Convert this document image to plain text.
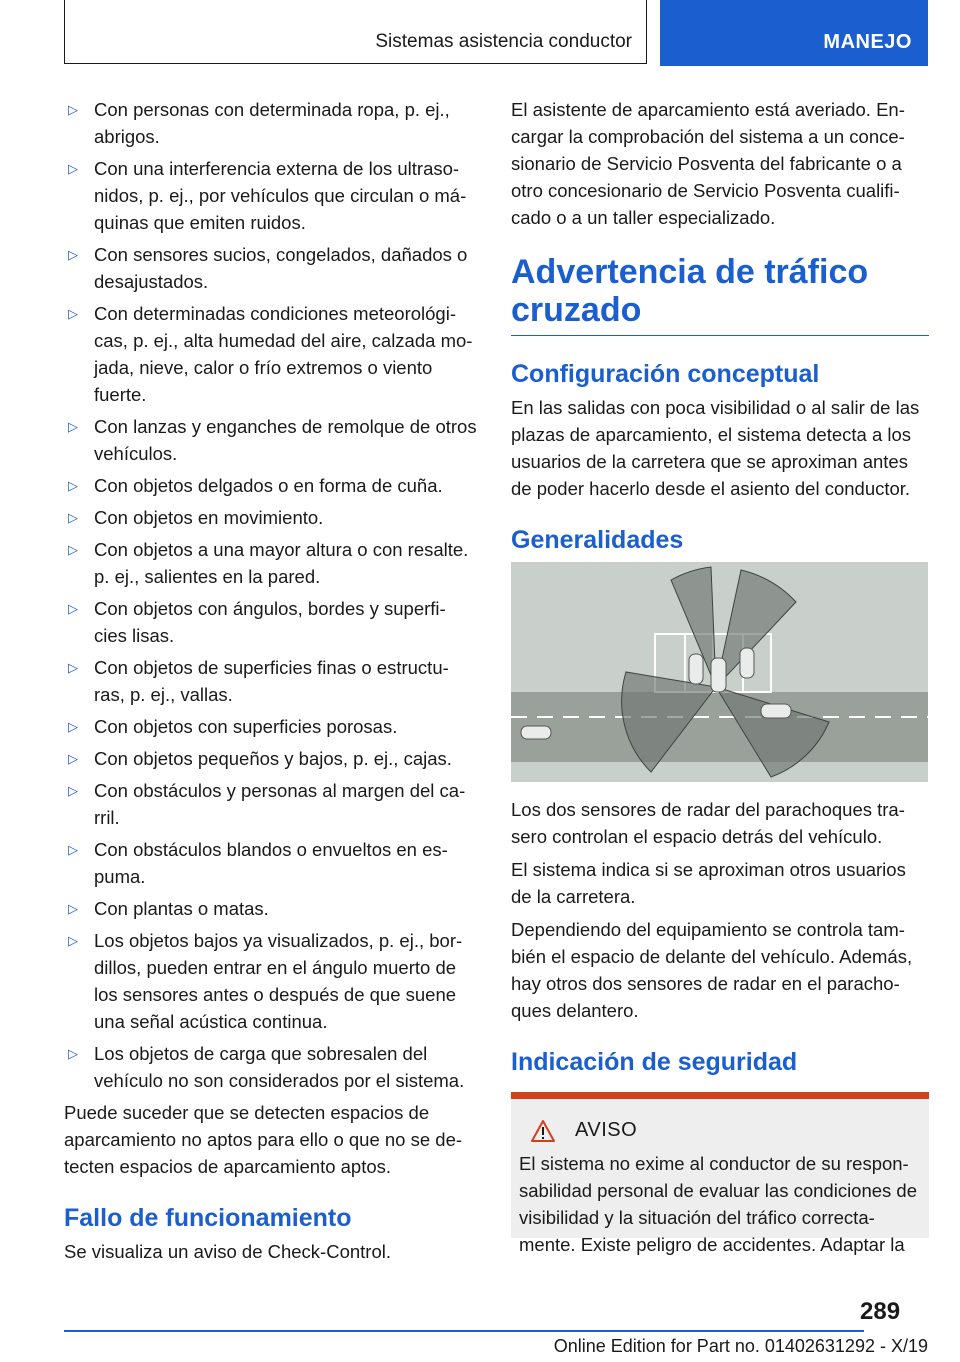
Sistemas asistencia conductor	MANEJO
▷ Con personas con determinada ropa, p. ej., abrigos.
▷ Con una interferencia externa de los ultraso-nidos, p. ej., por vehículos que circulan o má-quinas que emiten ruidos.
▷ Con sensores sucios, congelados, dañados o desajustados.
▷ Con determinadas condiciones meteorológi-cas, p. ej., alta humedad del aire, calzada mo-jada, nieve, calor o frío extremos o viento fuerte.
▷ Con lanzas y enganches de remolque de otros vehículos.
▷ Con objetos delgados o en forma de cuña.
▷ Con objetos en movimiento.
▷ Con objetos a una mayor altura o con resalte. p. ej., salientes en la pared.
▷ Con objetos con ángulos, bordes y superfi-cies lisas.
▷ Con objetos de superficies finas o estructu-ras, p. ej., vallas.
▷ Con objetos con superficies porosas.
▷ Con objetos pequeños y bajos, p. ej., cajas.
▷ Con obstáculos y personas al margen del ca-rril.
▷ Con obstáculos blandos o envueltos en es-puma.
▷ Con plantas o matas.
▷ Los objetos bajos ya visualizados, p. ej., bor-dillos, pueden entrar en el ángulo muerto de los sensores antes o después de que suene una señal acústica continua.
▷ Los objetos de carga que sobresalen del vehículo no son considerados por el sistema.

Puede suceder que se detecten espacios de aparcamiento no aptos para ello o que no se de-tecten espacios de aparcamiento aptos.

Fallo de funcionamiento

Se visualiza un aviso de Check-Control.

El asistente de aparcamiento está averiado. En-cargar la comprobación del sistema a un conce-sionario de Servicio Posventa del fabricante o a otro concesionario de Servicio Posventa cualifi-cado o a un taller especializado.

Advertencia de tráfico cruzado
Configuración conceptual

En las salidas con poca visibilidad o al salir de las plazas de aparcamiento, el sistema detecta a los usuarios de la carretera que se aproximan antes de poder hacerlo desde el asiento del conductor.

Generalidades

Los dos sensores de radar del parachoques tra-sero controlan el espacio detrás del vehículo.

El sistema indica si se aproximan otros usuarios de la carretera.

Dependiendo del equipamiento se controla tam-bién el espacio de delante del vehículo. Además, hay otros dos sensores de radar en el paracho-ques delantero.

Indicación de seguridad
AVISO
El sistema no exime al conductor de su respon-sabilidad personal de evaluar las condiciones de visibilidad y la situación del tráfico correcta-mente. Existe peligro de accidentes. Adaptar la
289
Online Edition for Part no. 01402631292 - X/19
